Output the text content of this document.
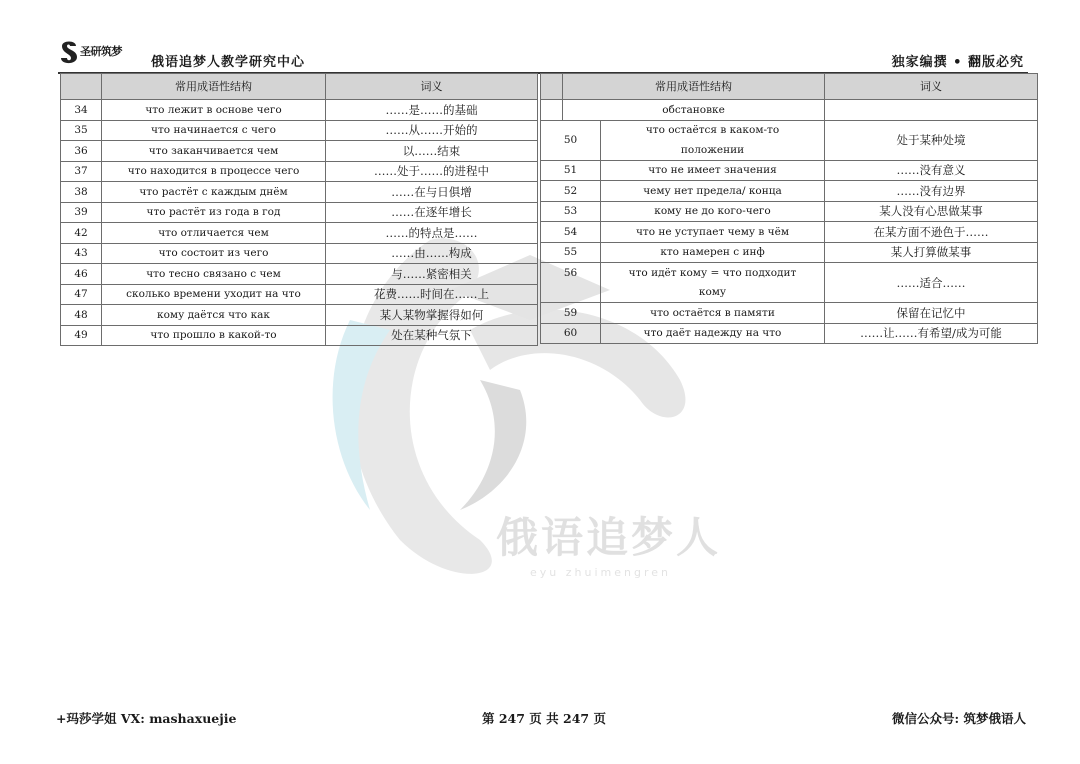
俄语追梦人
eyu zhuimengren
圣研筑梦
俄语追梦人教学研究中心	独家编撰 • 翻版必究
	常用成语性结构	词义
34	что лежит в основе чего	……是……的基础
35	что начинается с чего	……从……开始的
36	что заканчивается чем	以……结束
37	что находится в процессе чего	……处于……的进程中
38	что растёт с каждым днём	……在与日俱增
39	что растёт из года в год	……在逐年增长
42	что отличается чем	……的特点是……
43	что состоит из чего	……由……构成
46	что тесно связано с чем	与……紧密相关
47	сколько времени уходит на что	花费……时间在……上
48	кому даётся что как	某人某物掌握得如何
49	что прошло в какой-то	处在某种气氛下
	常用成语性结构		词义
	обстановке		
50		что остаётся в каком-то	处于某种处境
		положении	
51		что не имеет значения	……没有意义
52		чему нет предела/ конца	……没有边界
53		кому не до кого-чего	某人没有心思做某事
54		что не уступает чему в чём	在某方面不逊色于……
55		кто намерен с инф	某人打算做某事
56		что идёт кому = что подходит	……适合……
		кому	
59		что остаётся в памяти	保留在记忆中
60		что даёт надежду на что	……让……有希望/成为可能
+玛莎学姐 VX: mashaxuejie	第 247 页 共 247 页	微信公众号: 筑梦俄语人
